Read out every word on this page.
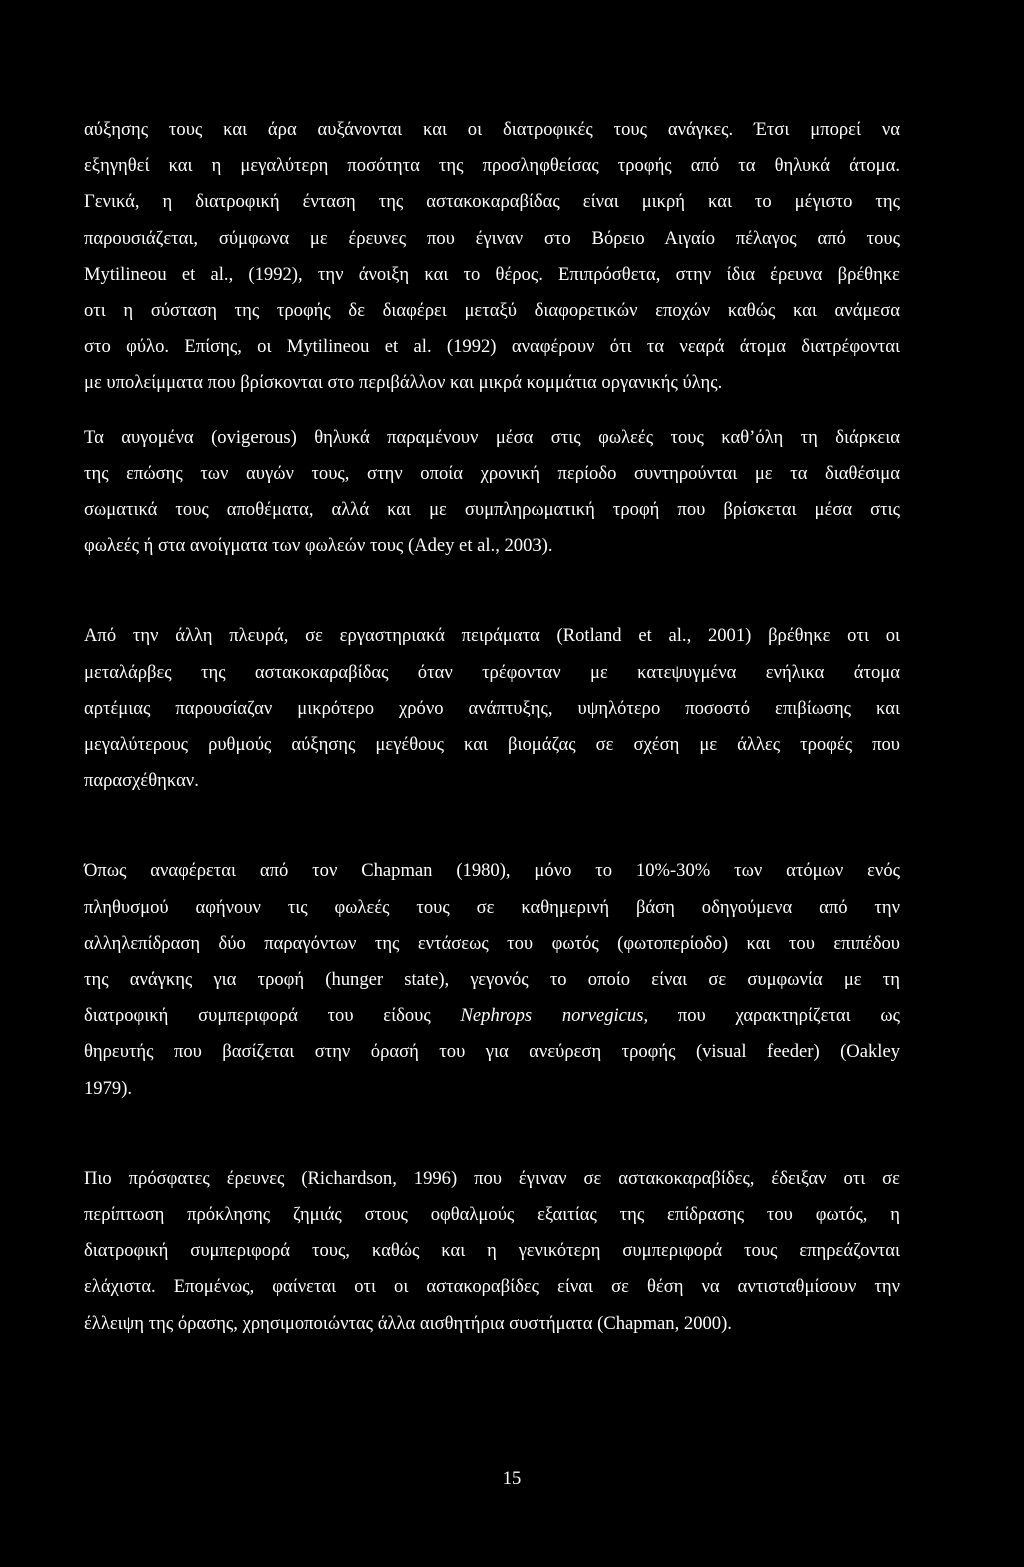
αύξησης τους και άρα αυξάνονται και οι διατροφικές τους ανάγκες. Έτσι μπορεί να
εξηγηθεί και η μεγαλύτερη ποσότητα της προσληφθείσας τροφής από τα θηλυκά άτομα.
Γενικά, η διατροφική ένταση της αστακοκαραβίδας είναι μικρή και το μέγιστο της
παρουσιάζεται, σύμφωνα με έρευνες που έγιναν στο Βόρειο Αιγαίο πέλαγος από τους
Mytilineou et al., (1992), την άνοιξη και το θέρος. Επιπρόσθετα, στην ίδια έρευνα βρέθηκε
οτι η σύσταση της τροφής δε διαφέρει μεταξύ διαφορετικών εποχών καθώς και ανάμεσα
στο φύλο. Επίσης, οι Mytilineou et al. (1992) αναφέρουν ότι τα νεαρά άτομα διατρέφονται
με υπολείμματα που βρίσκονται στο περιβάλλον και μικρά κομμάτια οργανικής ύλης.
Τα αυγομένα (ovigerous) θηλυκά παραμένουν μέσα στις φωλεές τους καθ’όλη τη διάρκεια
της επώσης των αυγών τους, στην οποία χρονική περίοδο συντηρούνται με τα διαθέσιμα
σωματικά τους αποθέματα, αλλά και με συμπληρωματική τροφή που βρίσκεται μέσα στις
φωλεές ή στα ανοίγματα των φωλεών τους (Adey et al., 2003).
Από την άλλη πλευρά, σε εργαστηριακά πειράματα (Rotland et al., 2001) βρέθηκε οτι οι
μεταλάρβες της αστακοκαραβίδας όταν τρέφονταν με κατεψυγμένα ενήλικα άτομα
αρτέμιας παρουσίαζαν μικρότερο χρόνο ανάπτυξης, υψηλότερο ποσοστό επιβίωσης και
μεγαλύτερους ρυθμούς αύξησης μεγέθους και βιομάζας σε σχέση με άλλες τροφές που
παρασχέθηκαν.
Όπως αναφέρεται από τον Chapman (1980), μόνο το 10%-30% των ατόμων ενός
πληθυσμού αφήνουν τις φωλεές τους σε καθημερινή βάση οδηγούμενα από την
αλληλεπίδραση δύο παραγόντων της εντάσεως του φωτός (φωτοπερίοδο) και του επιπέδου
της ανάγκης για τροφή (hunger state), γεγονός το οποίο είναι σε συμφωνία με τη
διατροφική συμπεριφορά του είδους Nephrops norvegicus, που χαρακτηρίζεται ως
θηρευτής που βασίζεται στην όρασή του για ανεύρεση τροφής (visual feeder) (Oakley
1979).
Πιο πρόσφατες έρευνες (Richardson, 1996) που έγιναν σε αστακοκαραβίδες, έδειξαν οτι σε
περίπτωση πρόκλησης ζημιάς στους οφθαλμούς εξαιτίας της επίδρασης του φωτός, η
διατροφική συμπεριφορά τους, καθώς και η γενικότερη συμπεριφορά τους επηρεάζονται
ελάχιστα. Επομένως, φαίνεται οτι οι αστακοραβίδες είναι σε θέση να αντισταθμίσουν την
έλλειψη της όρασης, χρησιμοποιώντας άλλα αισθητήρια συστήματα (Chapman, 2000).
15
